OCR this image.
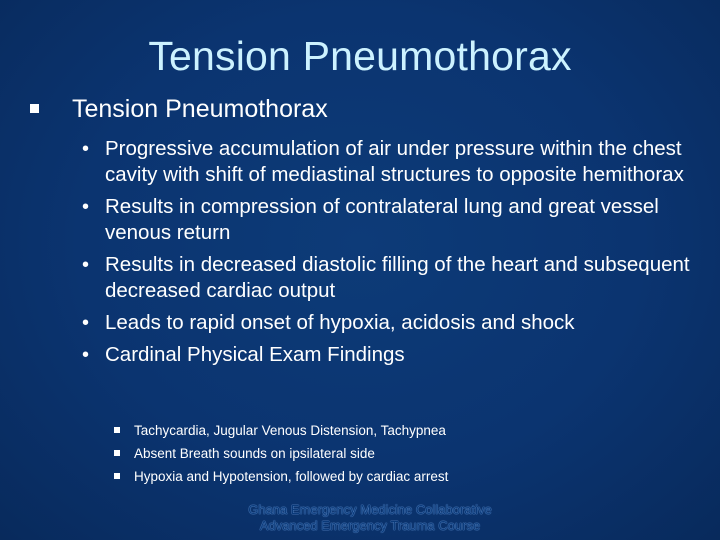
Tension Pneumothorax
Tension Pneumothorax
• Progressive accumulation of air under pressure within the chest cavity with shift of mediastinal structures to opposite hemithorax
• Results in compression of contralateral lung and great vessel venous return
• Results in decreased diastolic filling of the heart and subsequent decreased cardiac output
• Leads to rapid onset of hypoxia, acidosis and shock
• Cardinal Physical Exam Findings
Tachycardia, Jugular Venous Distension, Tachypnea
Absent Breath sounds on ipsilateral side
Hypoxia and Hypotension, followed by cardiac arrest
Ghana Emergency Medicine Collaborative
Advanced Emergency Trauma Course
